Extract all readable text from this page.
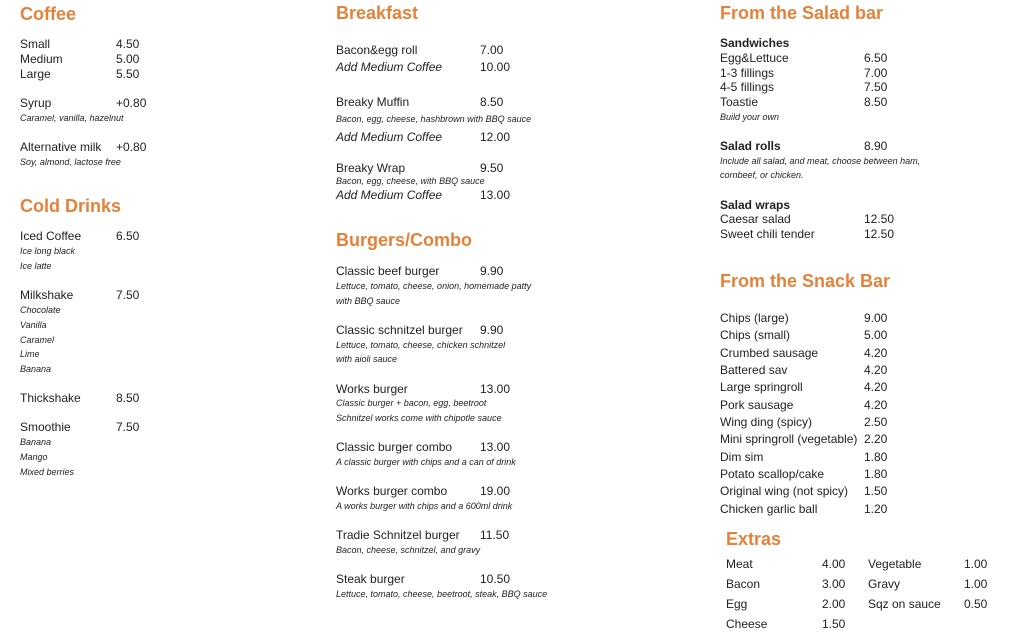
Coffee
Small	4.50
Medium	5.00
Large	5.50
Syrup	+0.80
Caramel, vanilla, hazelnut
Alternative milk +0.80
Soy, almond, lactose free
Cold Drinks
Iced Coffee	6.50
Ice long black
Ice latte
Milkshake	7.50
Chocolate
Vanilla
Caramel
Lime
Banana
Thickshake	8.50
Smoothie	7.50
Banana
Mango
Mixed berries
Breakfast
Bacon&egg roll	7.00
Add Medium Coffee	10.00
Breaky Muffin	8.50
Bacon, egg, cheese, hashbrown with BBQ sauce
Add Medium Coffee	12.00
Breaky Wrap	9.50
Bacon, egg, cheese, with BBQ sauce
Add Medium Coffee	13.00
Burgers/Combo
Classic beef burger	9.90
Lettuce, tomato, cheese, onion, homemade patty
with BBQ sauce
Classic schnitzel burger 9.90
Lettuce, tomato, cheese, chicken schnitzel
with aioli sauce
Works burger	13.00
Classic burger + bacon, egg, beetroot
Schnitzel works come with chipotle sauce
Classic burger combo 13.00
A classic burger with chips and a can of drink
Works burger combo	19.00
A works burger with chips and a 600ml drink
Tradie Schnitzel burger 11.50
Bacon, cheese, schnitzel, and gravy
Steak burger	10.50
Lettuce, tomato, cheese, beetroot, steak, BBQ sauce
From the Salad bar
Sandwiches
Egg&Lettuce	6.50
1-3 fillings	7.00
4-5 fillings	7.50
Toastie	8.50
Build your own
Salad rolls	8.90
Include all salad, and meat, choose between ham,
cornbeef, or chicken.
Salad wraps
Caesar salad	12.50
Sweet chili tender	12.50
From the Snack Bar
Chips (large)	9.00
Chips (small)	5.00
Crumbed sausage	4.20
Battered sav	4.20
Large springroll	4.20
Pork sausage	4.20
Wing ding (spicy)	2.50
Mini springroll (vegetable) 2.20
Dim sim	1.80
Potato scallop/cake	1.80
Original wing (not spicy) 1.50
Chicken garlic ball	1.20
Extras
Meat	4.00
Bacon	3.00
Egg	2.00
Cheese	1.50
Vegetable	1.00
Gravy	1.00
Sqz on sauce 0.50
